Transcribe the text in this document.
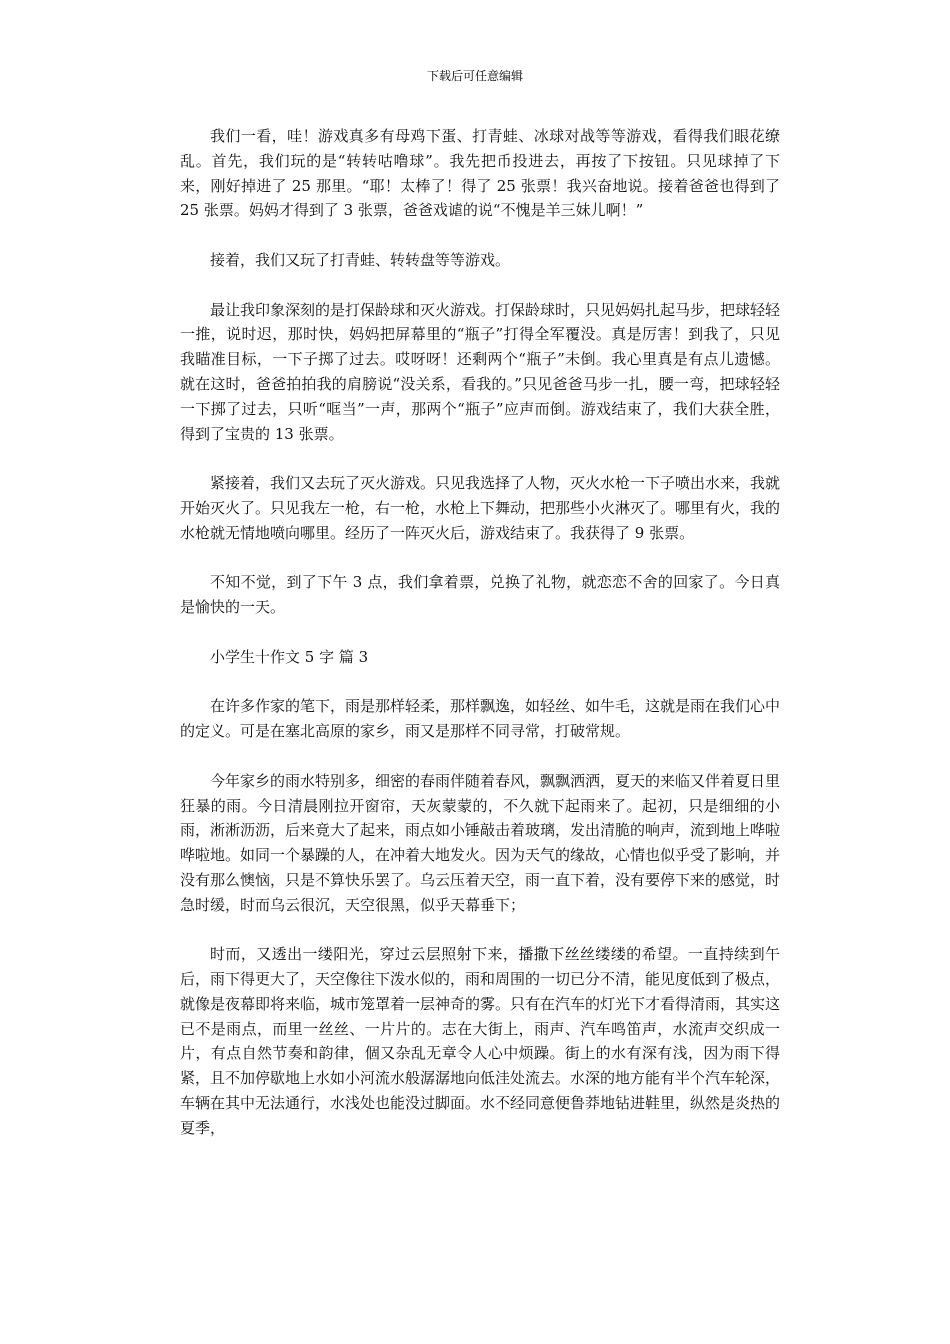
下载后可任意编辑

我们一看，哇！游戏真多有母鸡下蛋、打青蛙、冰球对战等等游戏，看得我们眼花缭乱。首先，我们玩的是“转转咕噜球”。我先把币投进去，再按了下按钮。只见球掉了下来，刚好掉进了 25 那里。“耶！太棒了！得了 25 张票！我兴奋地说。接着爸爸也得到了 25 张票。妈妈才得到了 3 张票，爸爸戏谑的说“不愧是羊三妹儿啊！”

接着，我们又玩了打青蛙、转转盘等等游戏。

最让我印象深刻的是打保龄球和灭火游戏。打保龄球时，只见妈妈扎起马步，把球轻轻一推，说时迟，那时快，妈妈把屏幕里的“瓶子”打得全军覆没。真是厉害！到我了，只见我瞄准目标，一下子掷了过去。哎呀呀！还剩两个“瓶子”未倒。我心里真是有点儿遗憾。就在这时，爸爸拍拍我的肩膀说“没关系，看我的。”只见爸爸马步一扎，腰一弯，把球轻轻一下掷了过去，只听“哐当”一声，那两个“瓶子”应声而倒。游戏结束了，我们大获全胜，得到了宝贵的 13 张票。

紧接着，我们又去玩了灭火游戏。只见我选择了人物，灭火水枪一下子喷出水来，我就开始灭火了。只见我左一枪，右一枪，水枪上下舞动，把那些小火淋灭了。哪里有火，我的水枪就无情地喷向哪里。经历了一阵灭火后，游戏结束了。我获得了 9 张票。

不知不觉，到了下午 3 点，我们拿着票，兑换了礼物，就恋恋不舍的回家了。今日真是愉快的一天。

小学生十作文 5 字 篇 3

在许多作家的笔下，雨是那样轻柔，那样飘逸，如轻丝、如牛毛，这就是雨在我们心中的定义。可是在塞北高原的家乡，雨又是那样不同寻常，打破常规。

今年家乡的雨水特别多，细密的春雨伴随着春风，飘飘洒洒，夏天的来临又伴着夏日里狂暴的雨。今日清晨刚拉开窗帘，天灰蒙蒙的，不久就下起雨来了。起初，只是细细的小雨，淅淅沥沥，后来竟大了起来，雨点如小锤敲击着玻璃，发出清脆的响声，流到地上哗啦哗啦地。如同一个暴躁的人，在冲着大地发火。因为天气的缘故，心情也似乎受了影响，并没有那么懊恼，只是不算快乐罢了。乌云压着天空，雨一直下着，没有要停下来的感觉，时急时缓，时而乌云很沉，天空很黑，似乎天幕垂下；

时而，又透出一缕阳光，穿过云层照射下来，播撒下丝丝缕缕的希望。一直持续到午后，雨下得更大了，天空像往下泼水似的，雨和周围的一切已分不清，能见度低到了极点，就像是夜幕即将来临，城市笼罩着一层神奇的雾。只有在汽车的灯光下才看得清雨，其实这已不是雨点，而里一丝丝、一片片的。志在大街上，雨声、汽车鸣笛声，水流声交织成一片，有点自然节奏和韵律，個又杂乱无章令人心中烦躁。街上的水有深有浅，因为雨下得紧，且不加停歇地上水如小河流水般潺潺地向低洼处流去。水深的地方能有半个汽车轮深，车辆在其中无法通行，水浅处也能没过脚面。水不经同意便鲁莽地钻进鞋里，纵然是炎热的夏季，
